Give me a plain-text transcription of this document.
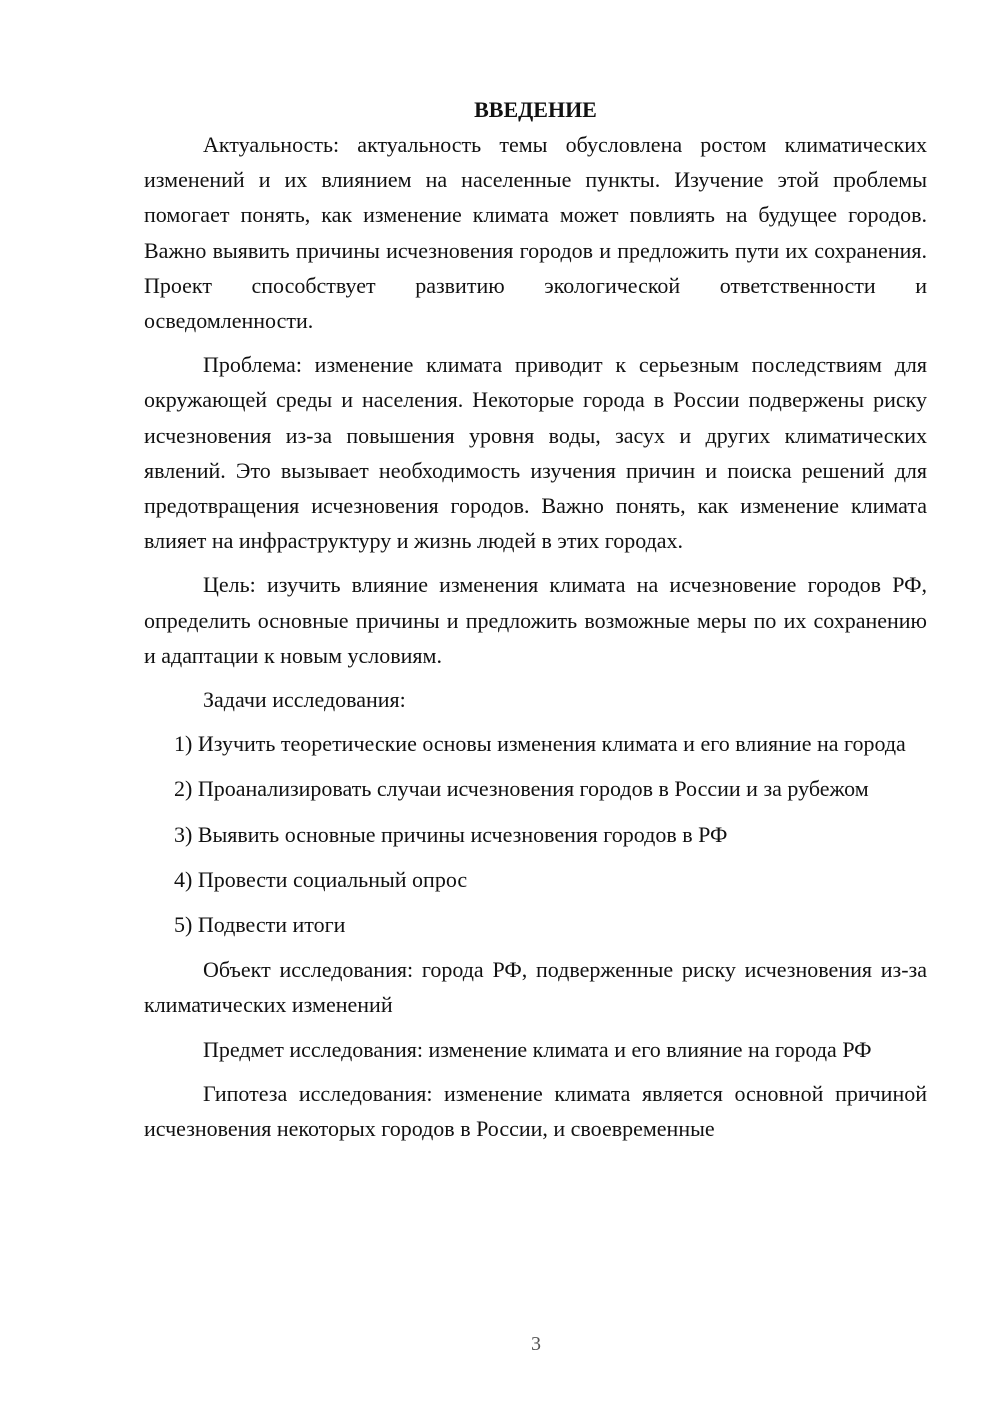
ВВЕДЕНИЕ

Актуальность: актуальность темы обусловлена ростом климатических изменений и их влиянием на населенные пункты. Изучение этой проблемы помогает понять, как изменение климата может повлиять на будущее городов. Важно выявить причины исчезновения городов и предложить пути их сохранения. Проект способствует развитию экологической ответственности и осведомленности.

Проблема: изменение климата приводит к серьезным последствиям для окружающей среды и населения. Некоторые города в России подвержены риску исчезновения из-за повышения уровня воды, засух и других климатических явлений. Это вызывает необходимость изучения причин и поиска решений для предотвращения исчезновения городов. Важно понять, как изменение климата влияет на инфраструктуру и жизнь людей в этих городах.

Цель: изучить влияние изменения климата на исчезновение городов РФ, определить основные причины и предложить возможные меры по их сохранению и адаптации к новым условиям.

Задачи исследования:

1) Изучить теоретические основы изменения климата и его влияние на города

2) Проанализировать случаи исчезновения городов в России и за рубежом

3) Выявить основные причины исчезновения городов в РФ

4) Провести социальный опрос

5) Подвести итоги

Объект исследования: города РФ, подверженные риску исчезновения из-за климатических изменений

Предмет исследования: изменение климата и его влияние на города РФ

Гипотеза исследования: изменение климата является основной причиной исчезновения некоторых городов в России, и своевременные

3
